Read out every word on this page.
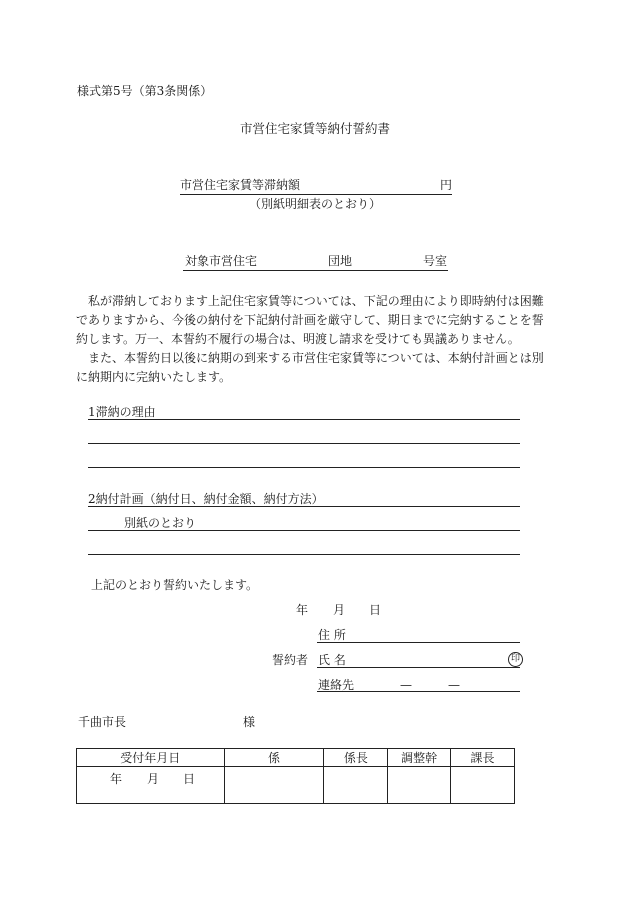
様式第5号（第3条関係）
市営住宅家賃等納付誓約書
市営住宅家賃等滞納額	円
（別紙明細表のとおり）
対象市営住宅	団地	号室

私が滞納しております上記住宅家賃等については、下記の理由により即時納付は困難でありますから、今後の納付を下記納付計画を厳守して、期日までに完納することを誓約します。万一、本誓約不履行の場合は、明渡し請求を受けても異議ありません。

また、本誓約日以後に納期の到来する市営住宅家賃等については、本納付計画とは別に納期内に完納いたします。

1滞納の理由
2納付計画（納付日、納付金額、納付方法）
別紙のとおり
上記のとおり誓約いたします。
年 月 日
住 所
誓約者 氏 名	印
連絡先	—	—
千曲市長	様
受付年月日	係	係長	調整幹	課長

年 月 日				
